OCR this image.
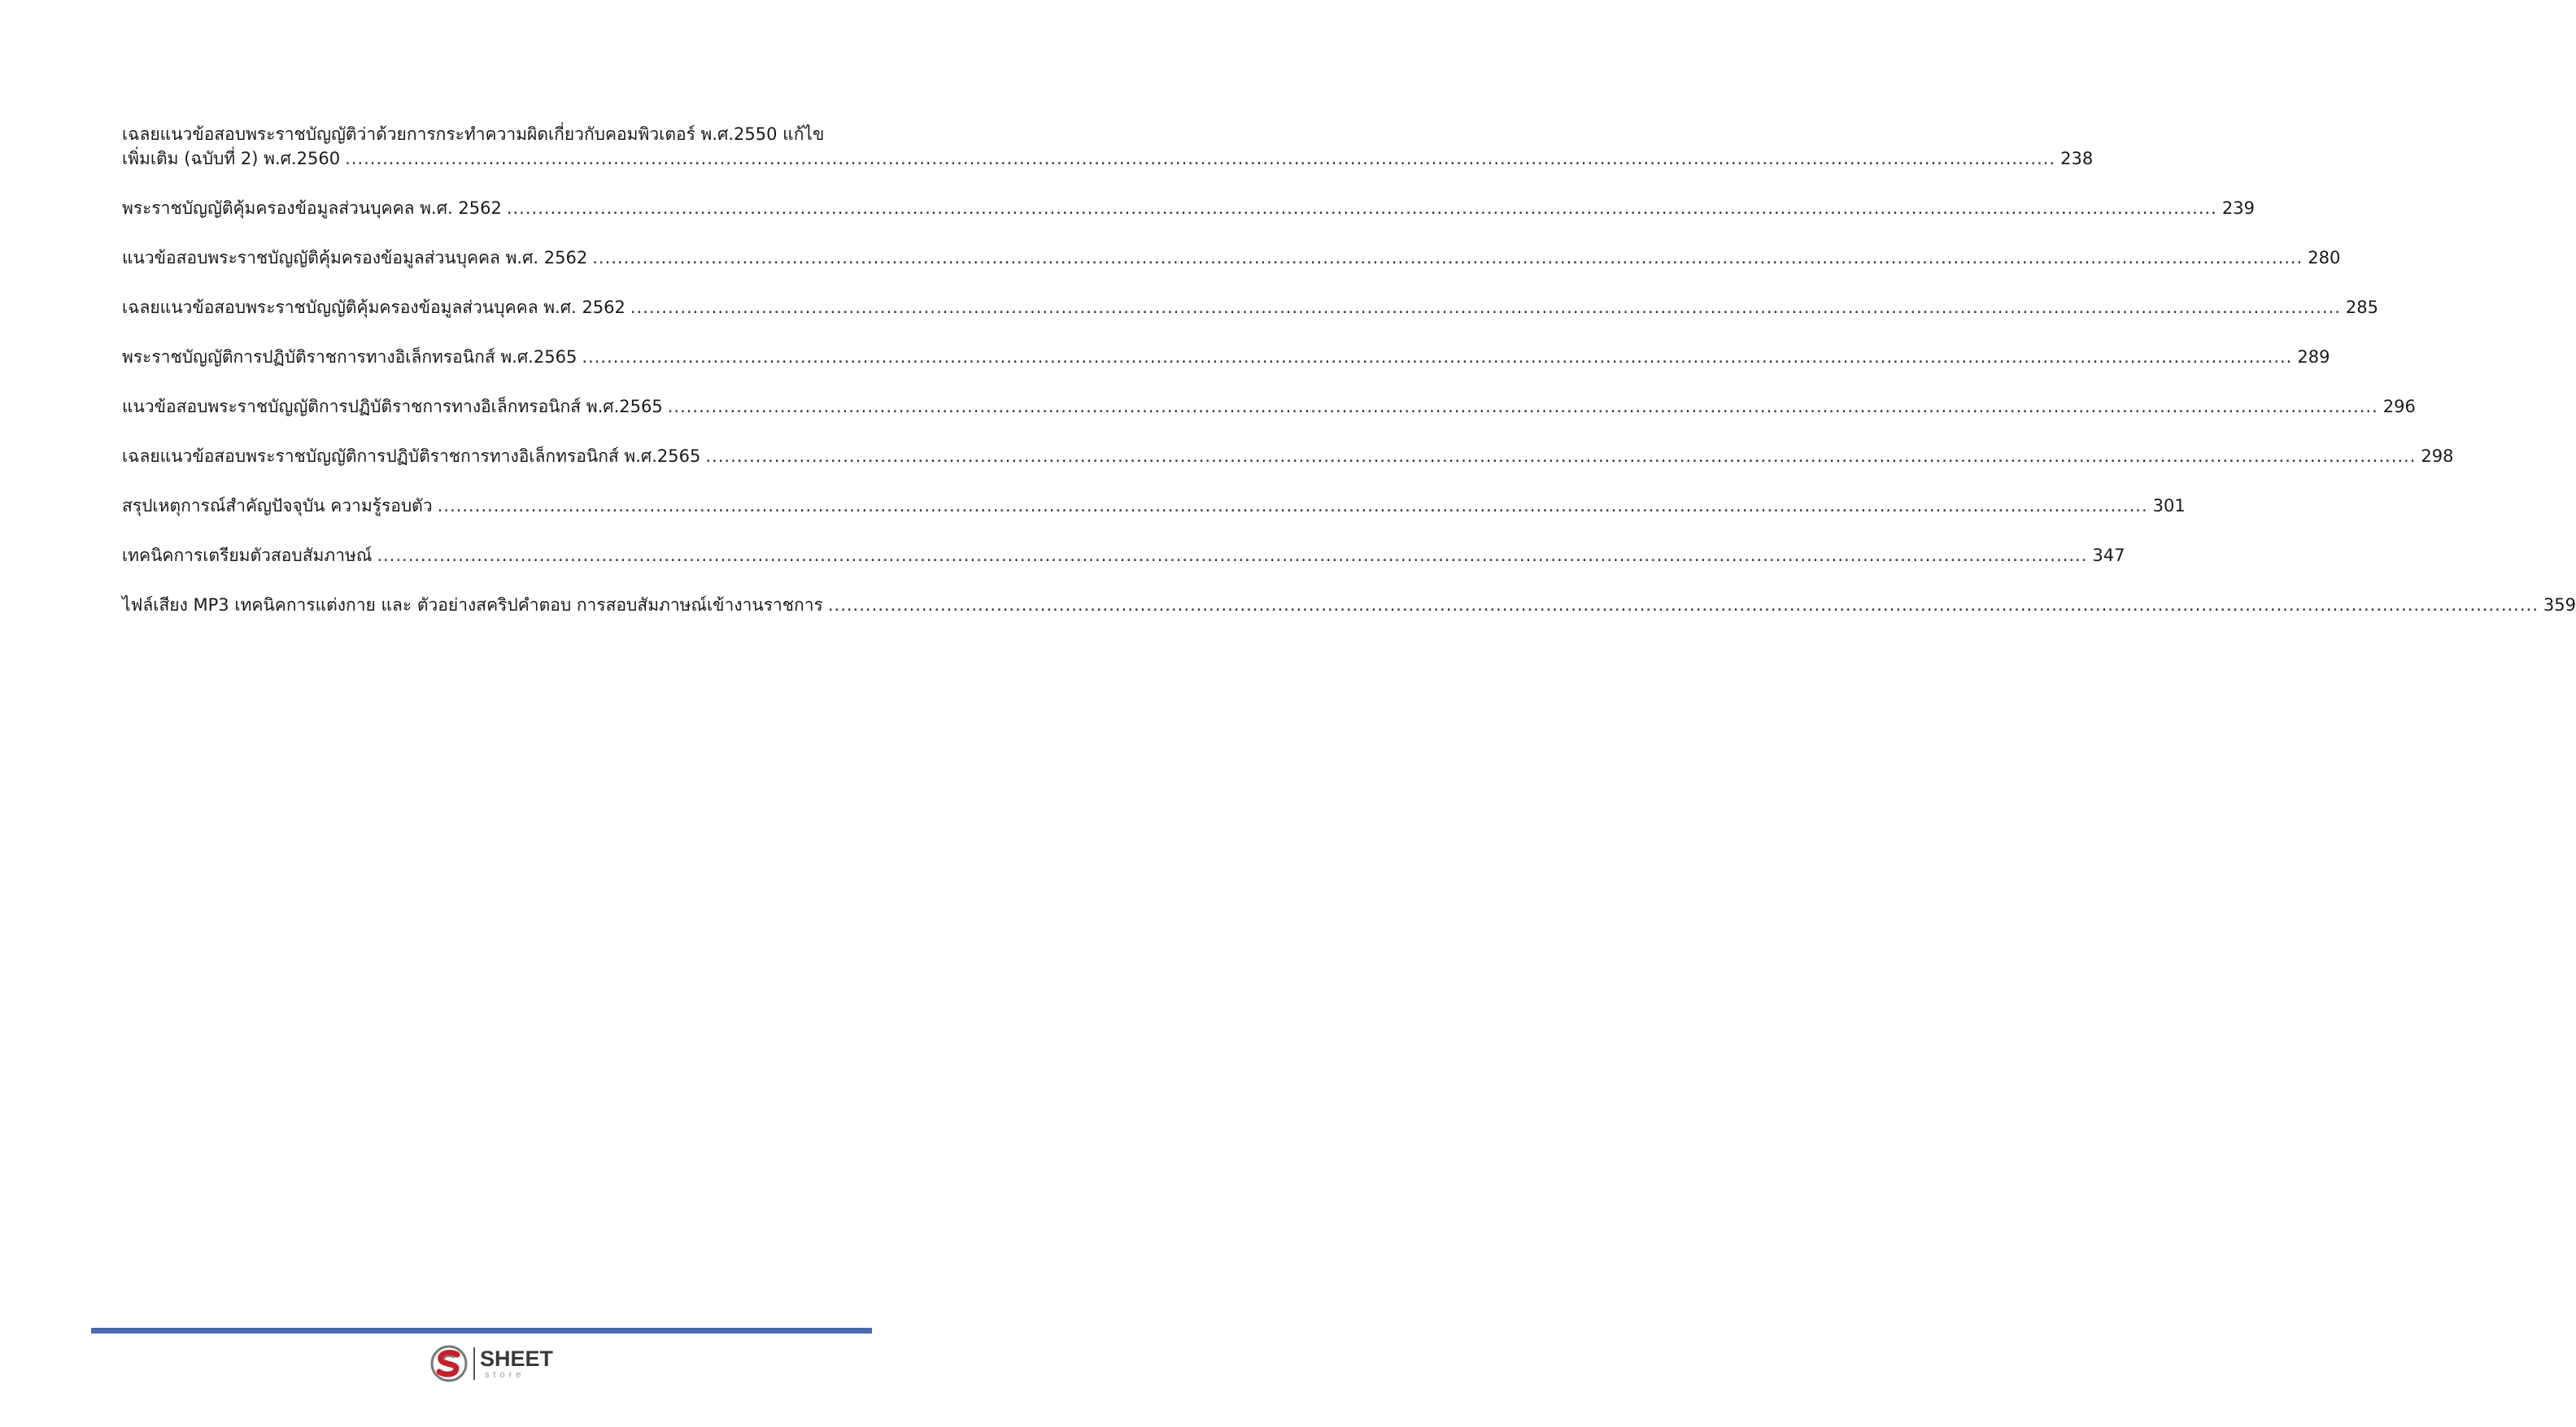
เฉลยแนวข้อสอบพระราชบัญญัติว่าด้วยการกระทำความผิดเกี่ยวกับคอมพิวเตอร์ พ.ศ.2550 แก้ไข
เพิ่มเติม (ฉบับที่ 2) พ.ศ.2560 .....	238
พระราชบัญญัติคุ้มครองข้อมูลส่วนบุคคล พ.ศ. 2562 .....	239
แนวข้อสอบพระราชบัญญัติคุ้มครองข้อมูลส่วนบุคคล พ.ศ. 2562 .....	280
เฉลยแนวข้อสอบพระราชบัญญัติคุ้มครองข้อมูลส่วนบุคคล พ.ศ. 2562 .....	285
พระราชบัญญัติการปฏิบัติราชการทางอิเล็กทรอนิกส์ พ.ศ.2565 .....	289
แนวข้อสอบพระราชบัญญัติการปฏิบัติราชการทางอิเล็กทรอนิกส์ พ.ศ.2565 .....	296
เฉลยแนวข้อสอบพระราชบัญญัติการปฏิบัติราชการทางอิเล็กทรอนิกส์ พ.ศ.2565 .....	298
สรุปเหตุการณ์สำคัญปัจจุบัน ความรู้รอบตัว .....	301
เทคนิคการเตรียมตัวสอบสัมภาษณ์ .....	347
ไฟล์เสียง MP3 เทคนิคการแต่งกาย และ ตัวอย่างสคริปคำตอบ การสอบสัมภาษณ์เข้างานราชการ .....	359
SHEET
store
